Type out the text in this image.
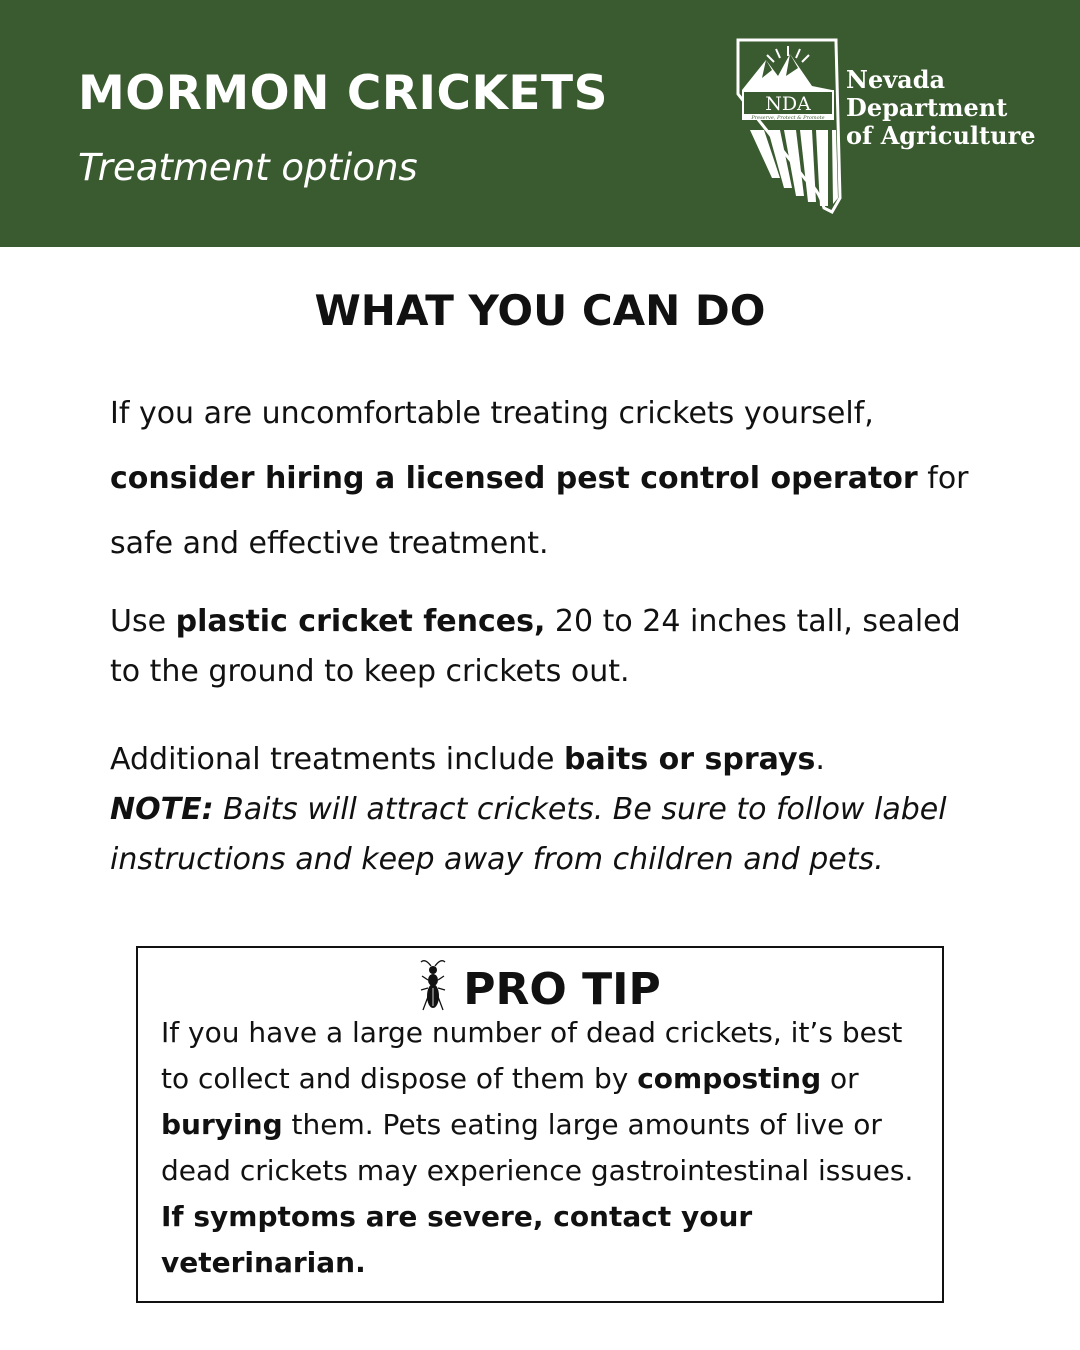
MORMON CRICKETS
Treatment options
NDA
Preserve, Protect & Promote
Nevada
Department
of Agriculture
WHAT YOU CAN DO
If you are uncomfortable treating crickets yourself,
consider hiring a licensed pest control operator for safe and effective treatment.
Use plastic cricket fences, 20 to 24 inches tall, sealed to the ground to keep crickets out.
Additional treatments include baits or sprays.
NOTE: Baits will attract crickets. Be sure to follow label instructions and keep away from children and pets.
PRO TIP
If you have a large number of dead crickets, it’s best to collect and dispose of them by composting or
burying them. Pets eating large amounts of live or dead crickets may experience gastrointestinal issues.
If symptoms are severe, contact your veterinarian.
